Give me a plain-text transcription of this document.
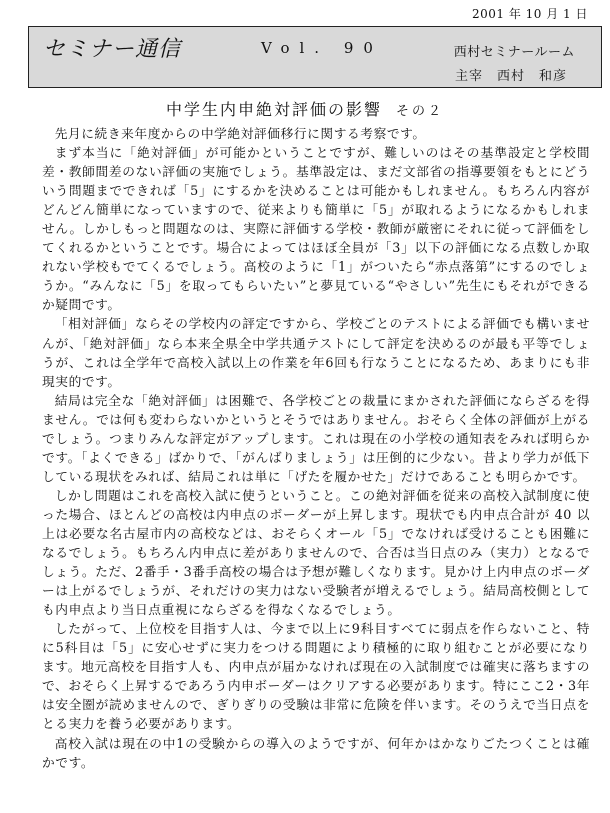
2001 年 10 月 1 日
セミナー通信	Vol. 90	西村セミナールーム
主宰　西村　和彦
中学生内申絶対評価の影響 その２

先月に続き来年度からの中学絶対評価移行に関する考察です。

まず本当に「絶対評価」が可能かということですが、難しいのはその基準設定と学校間差・教師間差のない評価の実施でしょう。基準設定は、まだ文部省の指導要領をもとにどういう問題までできれば「5」にするかを決めることは可能かもしれません。もちろん内容がどんどん簡単になっていますので、従来よりも簡単に「5」が取れるようになるかもしれません。しかしもっと問題なのは、実際に評価する学校・教師が厳密にそれに従って評価をしてくれるかということです。場合によってはほぼ全員が「3」以下の評価になる点数しか取れない学校もでてくるでしょう。高校のように「1」がついたら“赤点落第”にするのでしょうか。“みんなに「5」を取ってもらいたい”と夢見ている“やさしい”先生にもそれができるか疑問です。

「相対評価」ならその学校内の評定ですから、学校ごとのテストによる評価でも構いませんが、「絶対評価」なら本来全県全中学共通テストにして評定を決めるのが最も平等でしょうが、これは全学年で高校入試以上の作業を年6回も行なうことになるため、あまりにも非現実的です。

結局は完全な「絶対評価」は困難で、各学校ごとの裁量にまかされた評価にならざるを得ません。では何も変わらないかというとそうではありません。おそらく全体の評価が上がるでしょう。つまりみんな評定がアップします。これは現在の小学校の通知表をみれば明らかです。「よくできる」ばかりで、「がんばりましょう」は圧倒的に少ない。昔より学力が低下している現状をみれば、結局これは単に「げたを履かせた」だけであることも明らかです。

しかし問題はこれを高校入試に使うということ。この絶対評価を従来の高校入試制度に使った場合、ほとんどの高校は内申点のボーダーが上昇します。現状でも内申点合計が 40 以上は必要な名古屋市内の高校などは、おそらくオール「5」でなければ受けることも困難になるでしょう。もちろん内申点に差がありませんので、合否は当日点のみ（実力）となるでしょう。ただ、2番手・3番手高校の場合は予想が難しくなります。見かけ上内申点のボーダーは上がるでしょうが、それだけの実力はない受験者が増えるでしょう。結局高校側としても内申点より当日点重視にならざるを得なくなるでしょう。

したがって、上位校を目指す人は、今まで以上に9科目すべてに弱点を作らないこと、特に5科目は「5」に安心せずに実力をつける問題により積極的に取り組むことが必要になります。地元高校を目指す人も、内申点が届かなければ現在の入試制度では確実に落ちますので、おそらく上昇するであろう内申ボーダーはクリアする必要があります。特にここ2・3年は安全圏が読めませんので、ぎりぎりの受験は非常に危険を伴います。そのうえで当日点をとる実力を養う必要があります。

高校入試は現在の中1の受験からの導入のようですが、何年かはかなりごたつくことは確かです。
